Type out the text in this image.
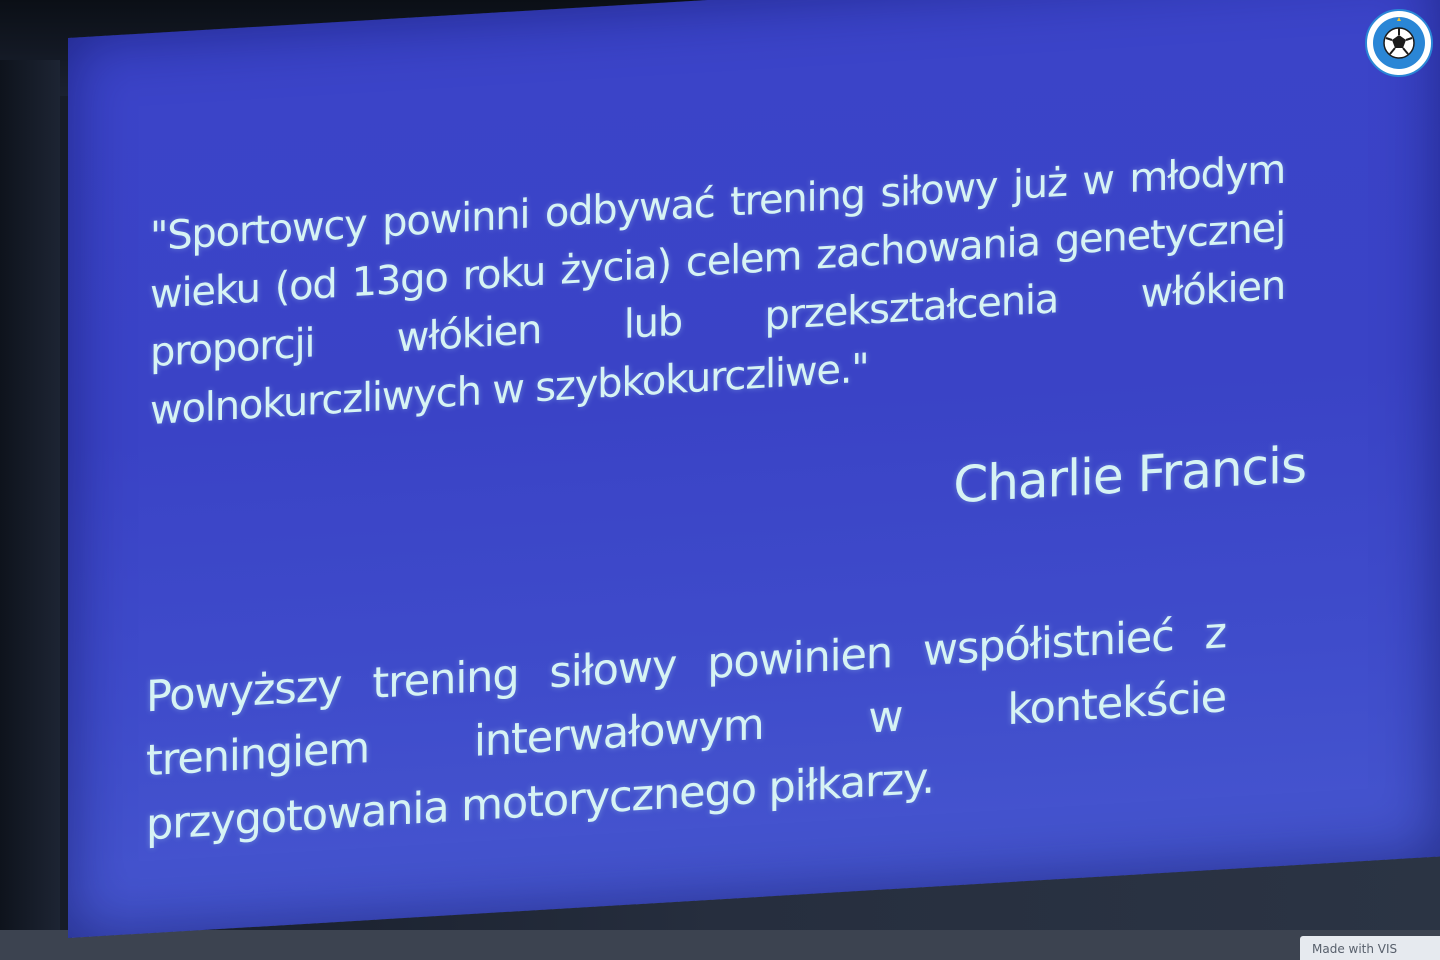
"Sportowcy powinni odbywać trening siłowy już w młodym wieku (od 13go roku życia) celem zachowania genetycznej proporcji włókien lub przekształcenia włókien wolnokurczliwych w szybkokurczliwe."

Charlie Francis

Powyższy trening siłowy powinien współistnieć z treningiem interwałowym w kontekście przygotowania motorycznego piłkarzy.

Made with VIS
